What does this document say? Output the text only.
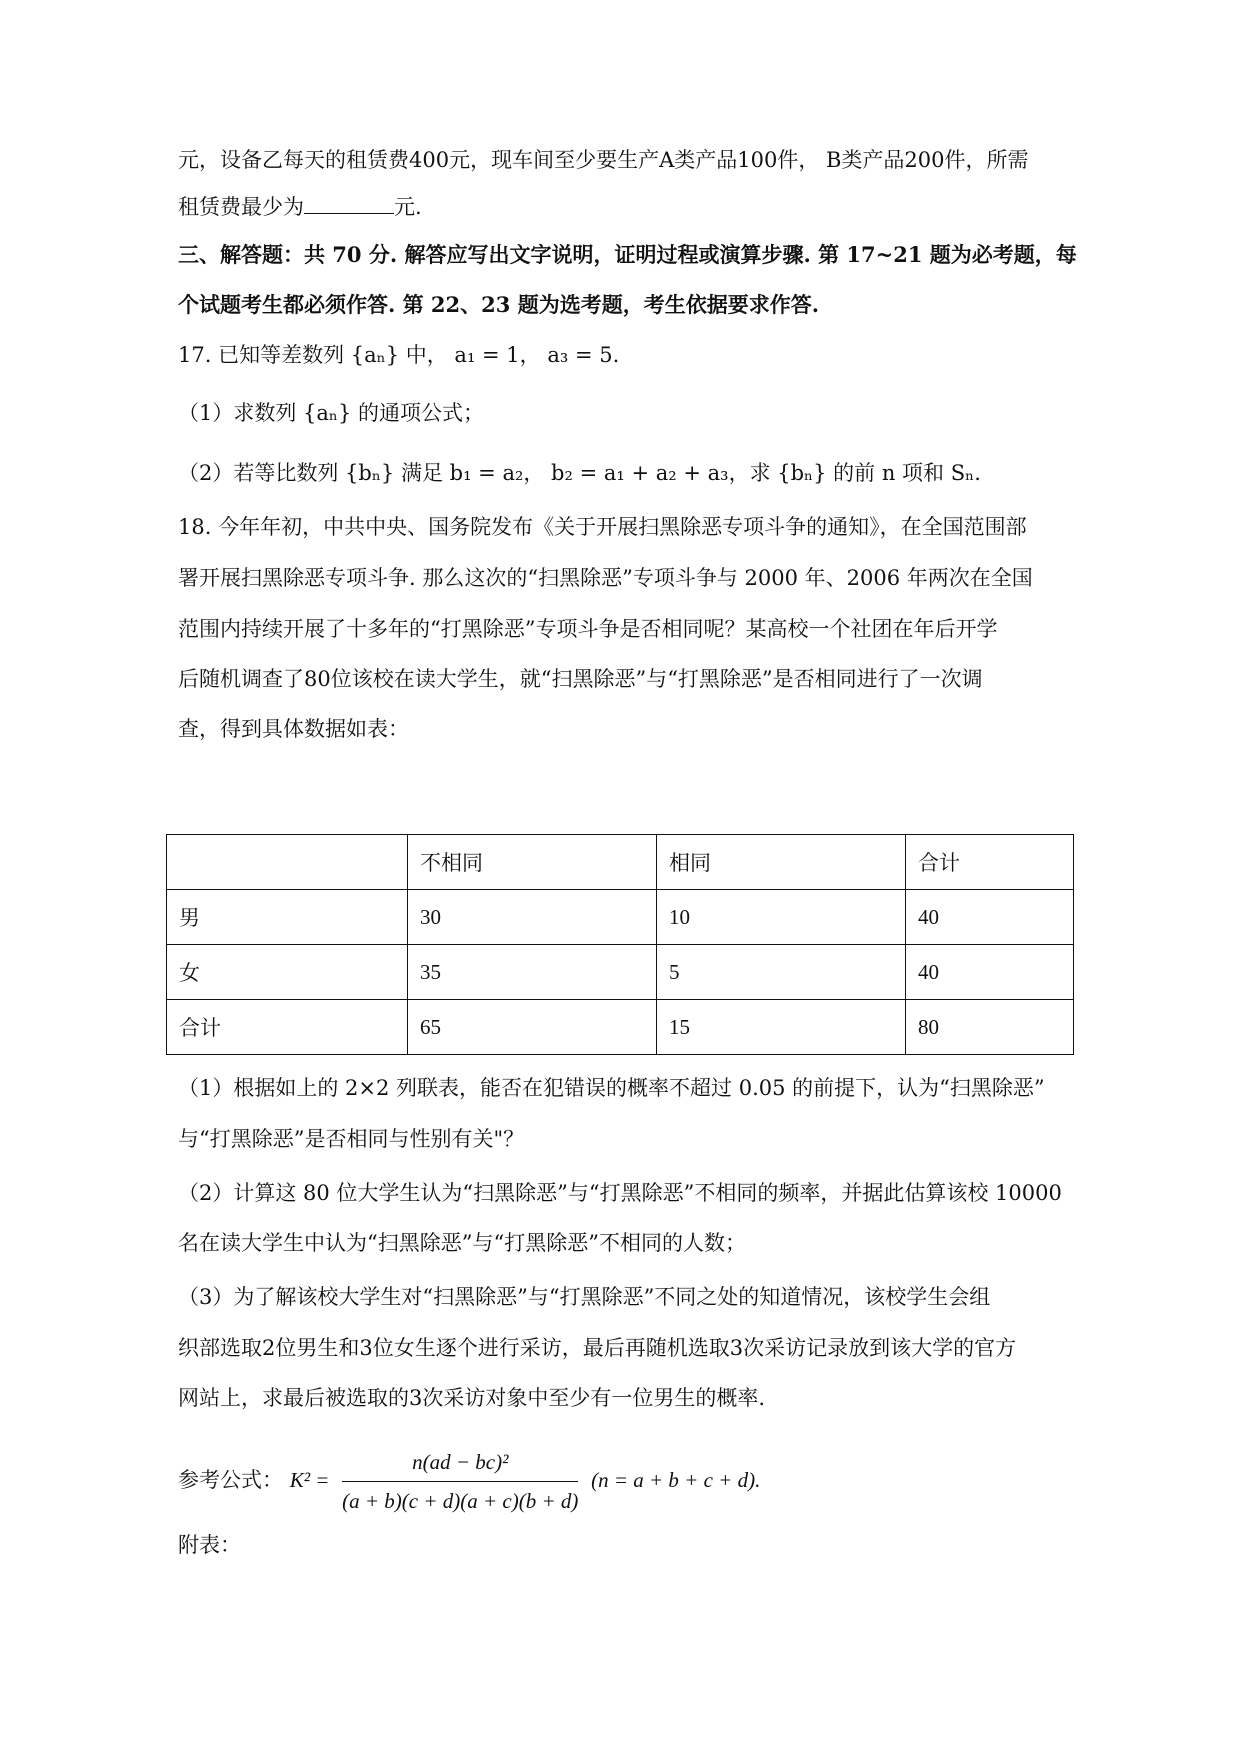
元，设备乙每天的租赁费400元，现车间至少要生产A类产品100件， B类产品200件，所需
租赁费最少为	元.
三、解答题：共 70 分. 解答应写出文字说明，证明过程或演算步骤. 第 17~21 题为必考题，每
个试题考生都必须作答. 第 22、23 题为选考题，考生依据要求作答.
17. 已知等差数列 {aₙ} 中， a₁ = 1， a₃ = 5.
（1）求数列 {aₙ} 的通项公式；
（2）若等比数列 {bₙ} 满足 b₁ = a₂， b₂ = a₁ + a₂ + a₃，求 {bₙ} 的前 n 项和 Sₙ.
18. 今年年初，中共中央、国务院发布《关于开展扫黑除恶专项斗争的通知》，在全国范围部
署开展扫黑除恶专项斗争. 那么这次的“扫黑除恶”专项斗争与 2000 年、2006 年两次在全国
范围内持续开展了十多年的“打黑除恶”专项斗争是否相同呢？某高校一个社团在年后开学
后随机调查了80位该校在读大学生，就“扫黑除恶”与“打黑除恶”是否相同进行了一次调
查，得到具体数据如表：
	不相同	相同	合计
男	30	10	40
女	35	5	40
合计	65	15	80
（1）根据如上的 2×2 列联表，能否在犯错误的概率不超过 0.05 的前提下，认为“扫黑除恶”
与“打黑除恶”是否相同与性别有关"？
（2）计算这 80 位大学生认为“扫黑除恶”与“打黑除恶”不相同的频率，并据此估算该校 10000
名在读大学生中认为“扫黑除恶”与“打黑除恶”不相同的人数；
（3）为了解该校大学生对“扫黑除恶”与“打黑除恶”不同之处的知道情况，该校学生会组
织部选取2位男生和3位女生逐个进行采访，最后再随机选取3次采访记录放到该大学的官方
网站上，求最后被选取的3次采访对象中至少有一位男生的概率.
参考公式： $K^2 = \frac{\text{n(ad − bc)²}}{(a + b)(c + d)(a + c)(b + d)} (n = a + b + c + d)$.
附表：
